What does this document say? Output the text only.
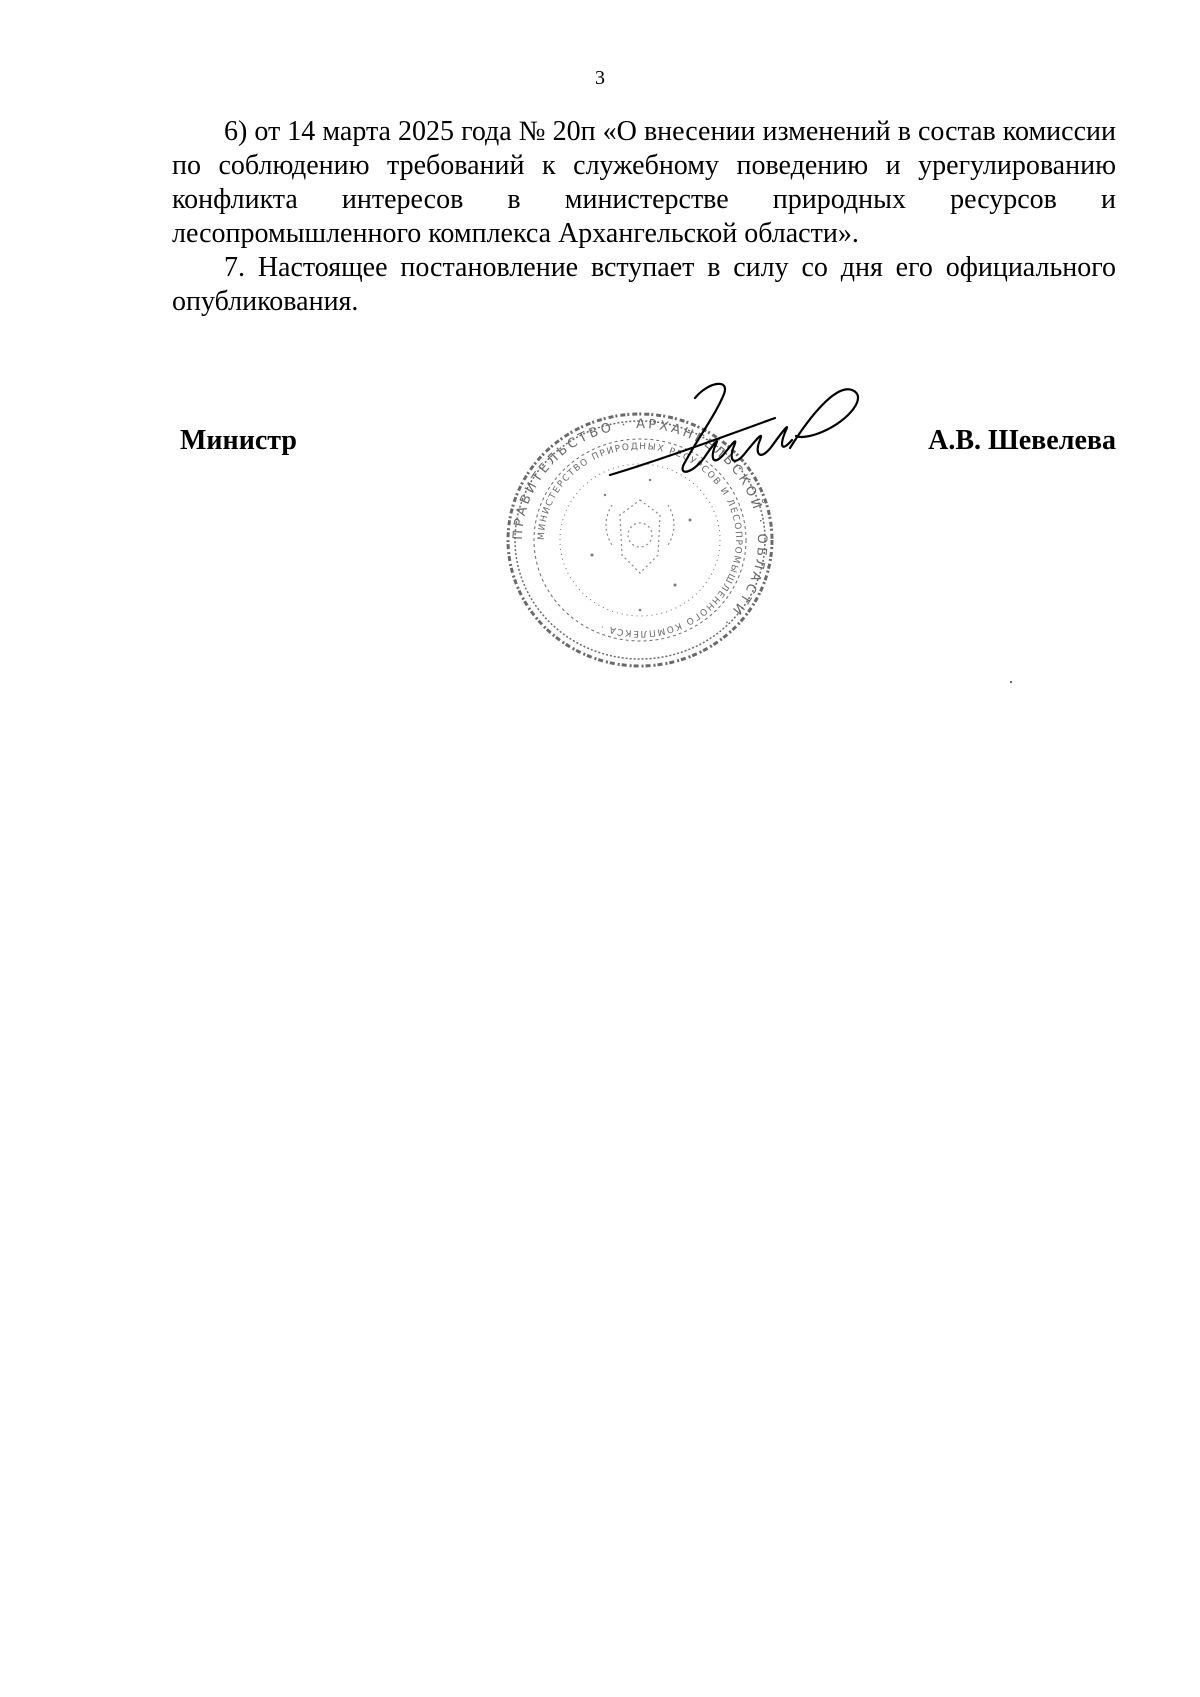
3

6) от 14 марта 2025 года № 20п «О внесении изменений в состав комиссии по соблюдению требований к служебному поведению и урегулированию конфликта интересов в министерстве природных ресурсов и лесопромышленного комплекса Архангельской области».

7. Настоящее постановление вступает в силу со дня его официального опубликования.

Министр
ПРАВИТЕЛЬСТВО · АРХАНГЕЛЬСКОЙ · ОБЛАСТИ ·
МИНИСТЕРСТВО ПРИРОДНЫХ РЕСУРСОВ И ЛЕСОПРОМЫШЛЕННОГО КОМПЛЕКСА ·
А.В. Шевелева
